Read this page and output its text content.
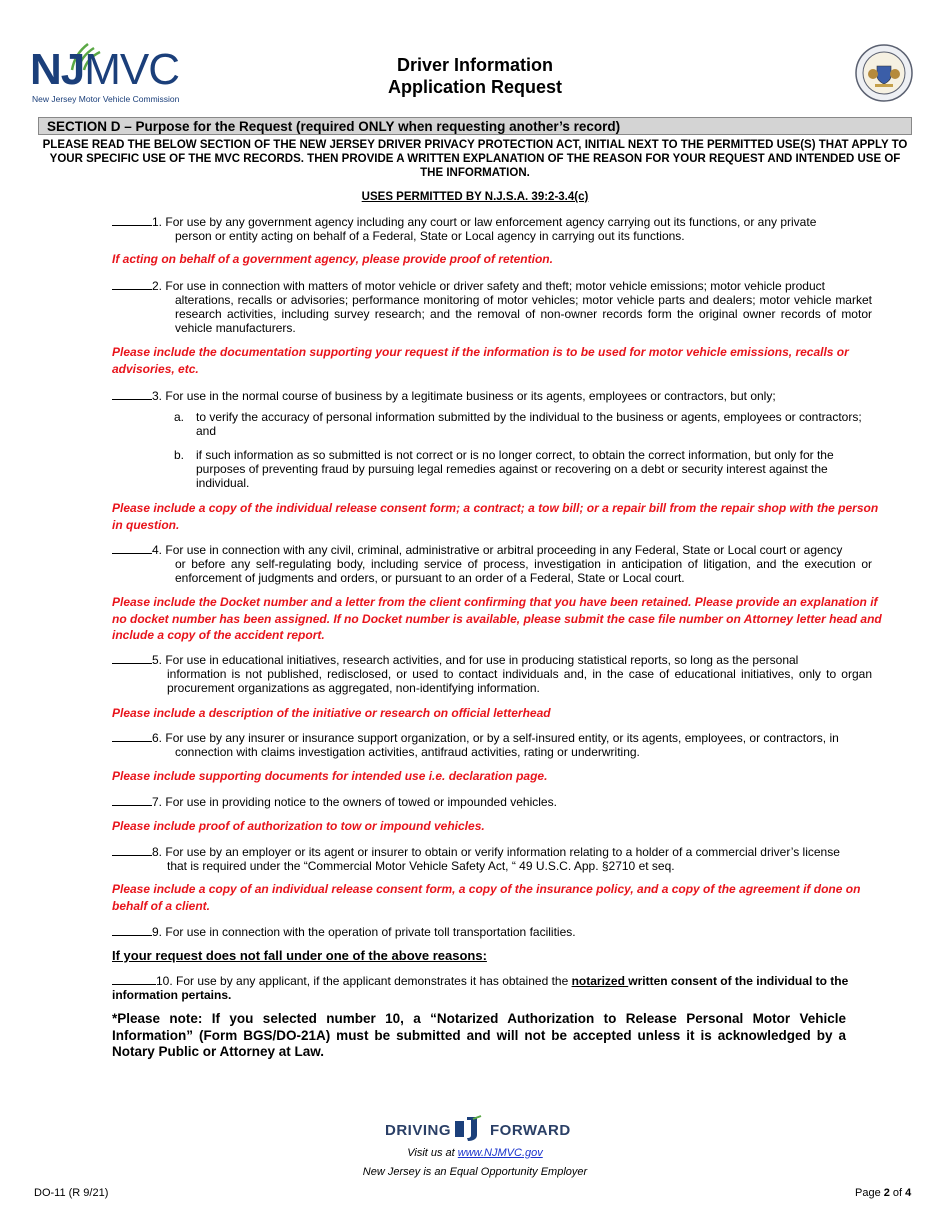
NJMVC
New Jersey Motor Vehicle Commission
Driver Information
Application Request
SECTION D – Purpose for the Request (required ONLY when requesting another’s record)
PLEASE READ THE BELOW SECTION OF THE NEW JERSEY DRIVER PRIVACY PROTECTION ACT, INITIAL NEXT TO THE PERMITTED USE(S) THAT APPLY TO YOUR SPECIFIC USE OF THE MVC RECORDS. THEN PROVIDE A WRITTEN EXPLANATION OF THE REASON FOR YOUR REQUEST AND INTENDED USE OF THE INFORMATION.
USES PERMITTED BY N.J.S.A. 39:2-3.4(c)
1. For use by any government agency including any court or law enforcement agency carrying out its functions, or any private
person or entity acting on behalf of a Federal, State or Local agency in carrying out its functions.
If acting on behalf of a government agency, please provide proof of retention.
2. For use in connection with matters of motor vehicle or driver safety and theft; motor vehicle emissions; motor vehicle product
alterations, recalls or advisories; performance monitoring of motor vehicles; motor vehicle parts and dealers; motor vehicle market research activities, including survey research; and the removal of non-owner records form the original owner records of motor vehicle manufacturers.
Please include the documentation supporting your request if the information is to be used for motor vehicle emissions, recalls or advisories, etc.
3. For use in the normal course of business by a legitimate business or its agents, employees or contractors, but only;
a. to verify the accuracy of personal information submitted by the individual to the business or agents, employees or contractors; and
b. if such information as so submitted is not correct or is no longer correct, to obtain the correct information, but only for the purposes of preventing fraud by pursuing legal remedies against or recovering on a debt or security interest against the individual.
Please include a copy of the individual release consent form; a contract; a tow bill; or a repair bill from the repair shop with the person in question.
4. For use in connection with any civil, criminal, administrative or arbitral proceeding in any Federal, State or Local court or agency
or before any self-regulating body, including service of process, investigation in anticipation of litigation, and the execution or enforcement of judgments and orders, or pursuant to an order of a Federal, State or Local court.
Please include the Docket number and a letter from the client confirming that you have been retained. Please provide an explanation if no docket number has been assigned. If no Docket number is available, please submit the case file number on Attorney letter head and include a copy of the accident report.
5. For use in educational initiatives, research activities, and for use in producing statistical reports, so long as the personal
information is not published, redisclosed, or used to contact individuals and, in the case of educational initiatives, only to organ procurement organizations as aggregated, non-identifying information.
Please include a description of the initiative or research on official letterhead
6. For use by any insurer or insurance support organization, or by a self-insured entity, or its agents, employees, or contractors, in
connection with claims investigation activities, antifraud activities, rating or underwriting.
Please include supporting documents for intended use i.e. declaration page.
7. For use in providing notice to the owners of towed or impounded vehicles.
Please include proof of authorization to tow or impound vehicles.
8. For use by an employer or its agent or insurer to obtain or verify information relating to a holder of a commercial driver’s license
that is required under the “Commercial Motor Vehicle Safety Act, “ 49 U.S.C. App. §2710 et seq.
Please include a copy of an individual release consent form, a copy of the insurance policy, and a copy of the agreement if done on behalf of a client.
9. For use in connection with the operation of private toll transportation facilities.
If your request does not fall under one of the above reasons:
10. For use by any applicant, if the applicant demonstrates it has obtained the notarized written consent of the individual to the information pertains.
*Please note: If you selected number 10, a “Notarized Authorization to Release Personal Motor Vehicle Information” (Form BGS/DO-21A) must be submitted and will not be accepted unless it is acknowledged by a Notary Public or Attorney at Law.
DRIVING	FORWARD
Visit us at www.NJMVC.gov
New Jersey is an Equal Opportunity Employer
DO-11 (R 9/21)	Page 2 of 4
